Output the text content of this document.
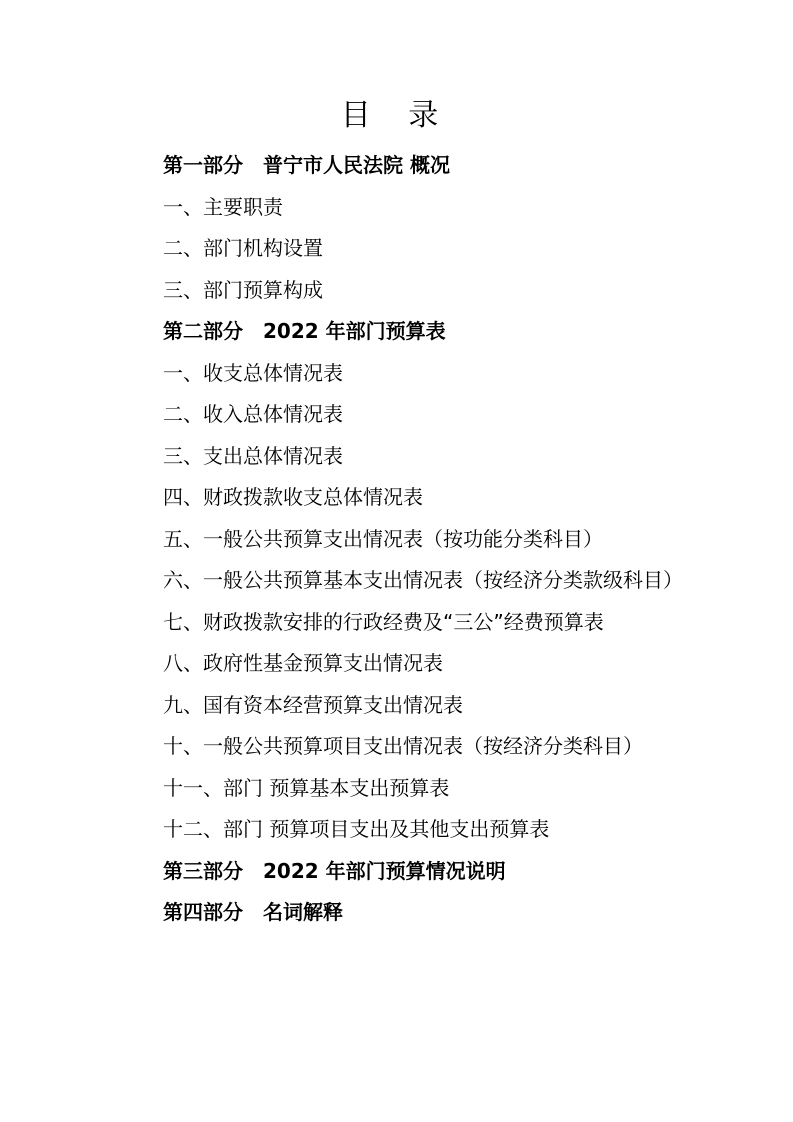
目 录
第一部分　普宁市人民法院 概况
一、主要职责
二、部门机构设置
三、部门预算构成
第二部分　2022 年部门预算表
一、收支总体情况表
二、收入总体情况表
三、支出总体情况表
四、财政拨款收支总体情况表
五、一般公共预算支出情况表（按功能分类科目）
六、一般公共预算基本支出情况表（按经济分类款级科目）
七、财政拨款安排的行政经费及“三公”经费预算表
八、政府性基金预算支出情况表
九、国有资本经营预算支出情况表
十、一般公共预算项目支出情况表（按经济分类科目）
十一、部门 预算基本支出预算表
十二、部门 预算项目支出及其他支出预算表
第三部分　2022 年部门预算情况说明
第四部分　名词解释
